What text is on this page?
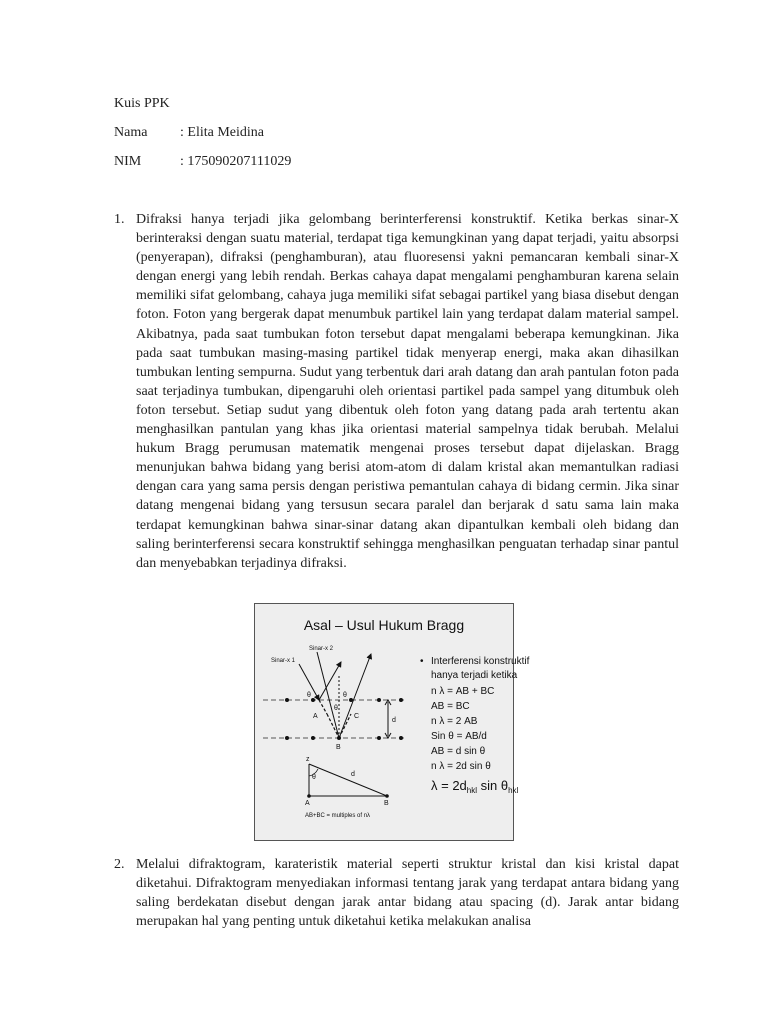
Kuis PPK
Nama : Elita Meidina
NIM	: 175090207111029
1. Difraksi hanya terjadi jika gelombang berinterferensi konstruktif. Ketika berkas sinar-X berinteraksi dengan suatu material, terdapat tiga kemungkinan yang dapat terjadi, yaitu absorpsi (penyerapan), difraksi (penghamburan), atau fluoresensi yakni pemancaran kembali sinar-X dengan energi yang lebih rendah. Berkas cahaya dapat mengalami penghamburan karena selain memiliki sifat gelombang, cahaya juga memiliki sifat sebagai partikel yang biasa disebut dengan foton. Foton yang bergerak dapat menumbuk partikel lain yang terdapat dalam material sampel. Akibatnya, pada saat tumbukan foton tersebut dapat mengalami beberapa kemungkinan. Jika pada saat tumbukan masing-masing partikel tidak menyerap energi, maka akan dihasilkan tumbukan lenting sempurna. Sudut yang terbentuk dari arah datang dan arah pantulan foton pada saat terjadinya tumbukan, dipengaruhi oleh orientasi partikel pada sampel yang ditumbuk oleh foton tersebut. Setiap sudut yang dibentuk oleh foton yang datang pada arah tertentu akan menghasilkan pantulan yang khas jika orientasi material sampelnya tidak berubah. Melalui hukum Bragg perumusan matematik mengenai proses tersebut dapat dijelaskan. Bragg menunjukan bahwa bidang yang berisi atom-atom di dalam kristal akan memantulkan radiasi dengan cara yang sama persis dengan peristiwa pemantulan cahaya di bidang cermin. Jika sinar datang mengenai bidang yang tersusun secara paralel dan berjarak d satu sama lain maka terdapat kemungkinan bahwa sinar-sinar datang akan dipantulkan kembali oleh bidang dan saling berinterferensi secara konstruktif sehingga menghasilkan penguatan terhadap sinar pantul dan menyebabkan terjadinya difraksi.
Asal – Usul Hukum Bragg
Sinar-x 2
Sinar-x 1
θ	θ
θ
A
B
C
d
z
θ	d
A	B
AB+BC = multiples of nλ
• Interferensi konstruktif
hanya terjadi ketika
n λ = AB + BC
AB = BC
n λ = 2 AB
Sin θ = AB/d
AB = d sin θ
n λ = 2d sin θ
$\lambda = 2d_{hkl}$ $\sin \theta_{hkl}$
2. Melalui difraktogram, karateristik material seperti struktur kristal dan kisi kristal dapat diketahui. Difraktogram menyediakan informasi tentang jarak yang terdapat antara bidang yang saling berdekatan disebut dengan jarak antar bidang atau spacing (d). Jarak antar bidang merupakan hal yang penting untuk diketahui ketika melakukan analisa
